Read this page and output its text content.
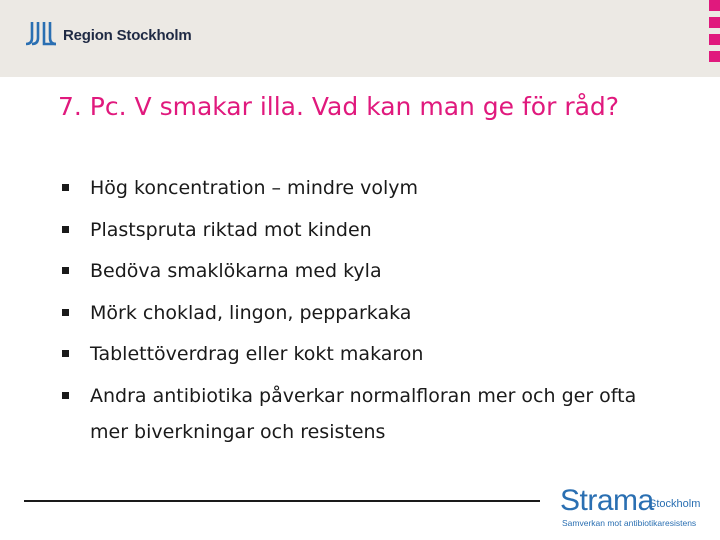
Region Stockholm
7. Pc. V smakar illa. Vad kan man ge för råd?
Hög koncentration – mindre volym
Plastspruta riktad mot kinden
Bedöva smaklökarna med kyla
Mörk choklad, lingon, pepparkaka
Tablettöverdrag eller kokt makaron
Andra antibiotika påverkar normalfloran mer och ger ofta mer biverkningar och resistens
Strama
Stockholm
Samverkan mot antibiotikaresistens
